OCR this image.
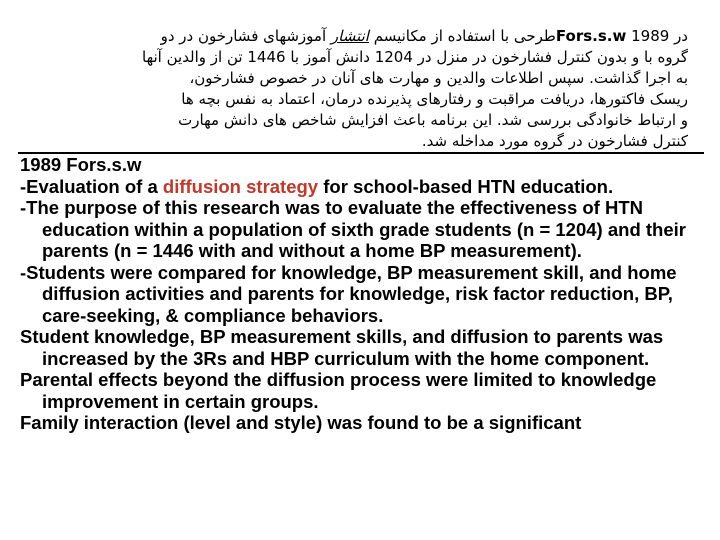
در 1989 Fors.s.wطرحی با استفاده از مکانیسم انتشار آموزشهای فشارخون در دو
گروه با و بدون کنترل فشارخون در منزل در 1204 دانش آموز با 1446 تن از والدین آنها
به اجرا گذاشت. سپس اطلاعات والدین و مهارت های آنان در خصوص فشارخون،
ریسک فاکتورها، دریافت مراقبت و رفتارهای پذیرنده درمان، اعتماد به نفس بچه ها
و ارتباط خانوادگی بررسی شد. این برنامه باعث افزایش شاخص های دانش مهارت
کنترل فشارخون در گروه مورد مداخله شد.
1989 Fors.s.w
-Evaluation of a diffusion strategy for school-based HTN education.
-The purpose of this research was to evaluate the effectiveness of HTN education within a population of sixth grade students (n = 1204) and their parents (n = 1446 with and without a home BP measurement).
-Students were compared for knowledge, BP measurement skill, and home diffusion activities and parents for knowledge, risk factor reduction, BP, care-seeking, & compliance behaviors.
Student knowledge, BP measurement skills, and diffusion to parents was increased by the 3Rs and HBP curriculum with the home component.
Parental effects beyond the diffusion process were limited to knowledge improvement in certain groups.
Family interaction (level and style) was found to be a significant
